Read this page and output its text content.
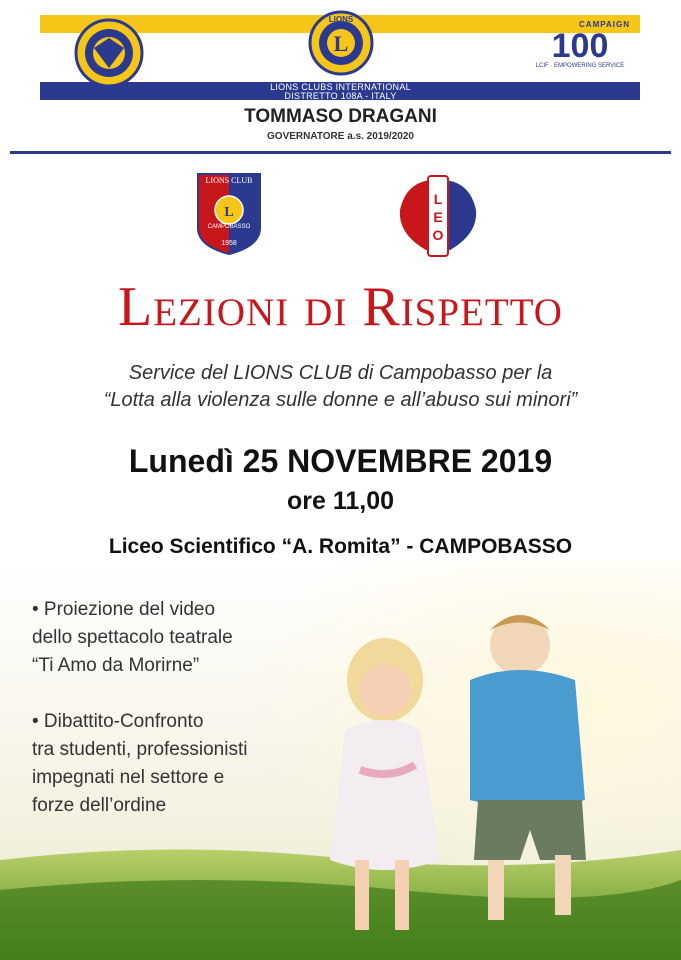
L
LIONS
LIONS CLUBS INTERNATIONAL
DISTRETTO 108A - ITALY
CAMPAIGN
100
LCIF · EMPOWERING SERVICE
TOMMASO DRAGANI
GOVERNATORE a.s. 2019/2020
L
LIONS CLUB
CAMPOBASSO
1958
LEO
Lezioni di Rispetto
Service del LIONS CLUB di Campobasso per la
“Lotta alla violenza sulle donne e all’abuso sui minori”
Lunedì 25 NOVEMBRE 2019
ore 11,00
Liceo Scientifico “A. Romita” - CAMPOBASSO
• Proiezione del video
dello spettacolo teatrale
“Ti Amo da Morirne”
• Dibattito-Confronto
tra studenti, professionisti
impegnati nel settore e
forze dell’ordine
